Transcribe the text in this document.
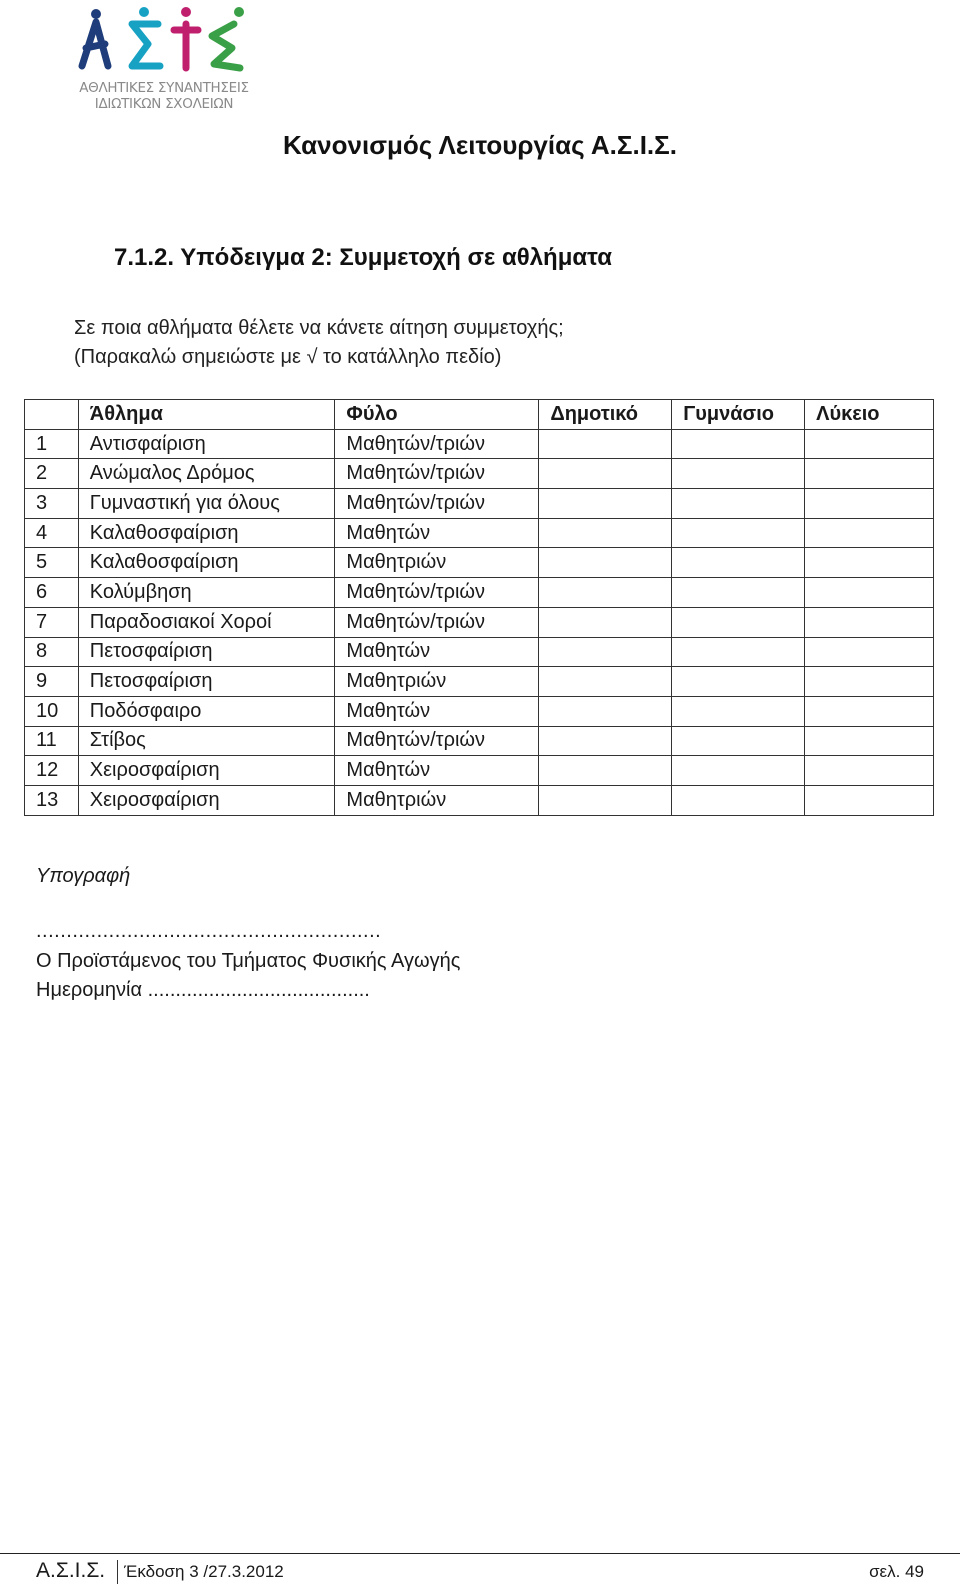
ΑΘΛΗΤΙΚΕΣ ΣΥΝΑΝΤΗΣΕΙΣ
ΙΔΙΩΤΙΚΩΝ ΣΧΟΛΕΙΩΝ
Κανονισμός Λειτουργίας Α.Σ.Ι.Σ.
7.1.2. Υπόδειγμα 2: Συμμετοχή σε αθλήματα
Σε ποια αθλήματα θέλετε να κάνετε αίτηση συμμετοχής;
(Παρακαλώ σημειώστε με √ το κατάλληλο πεδίο)
	Άθλημα	Φύλο	Δημοτικό	Γυμνάσιο	Λύκειο
1	Αντισφαίριση	Μαθητών/τριών			
2	Ανώμαλος Δρόμος	Μαθητών/τριών			
3	Γυμναστική για όλους	Μαθητών/τριών			
4	Καλαθοσφαίριση	Μαθητών			
5	Καλαθοσφαίριση	Μαθητριών			
6	Κολύμβηση	Μαθητών/τριών			
7	Παραδοσιακοί Χοροί	Μαθητών/τριών			
8	Πετοσφαίριση	Μαθητών			
9	Πετοσφαίριση	Μαθητριών			
10	Ποδόσφαιρο	Μαθητών			
11	Στίβος	Μαθητών/τριών			
12	Χειροσφαίριση	Μαθητών			
13	Χειροσφαίριση	Μαθητριών			
Υπογραφή
.........................................................
Ο Προϊστάμενος του Τμήματος Φυσικής Αγωγής
Ημερομηνία ........................................
Α.Σ.Ι.Σ. Έκδοση 3 /27.3.2012	σελ. 49
